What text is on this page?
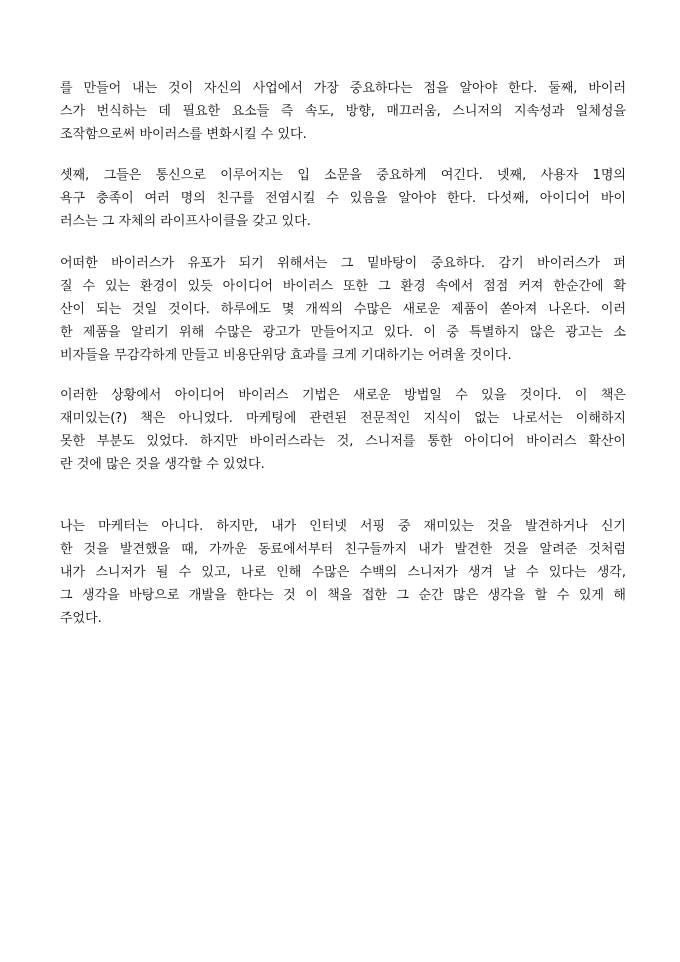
를 만들어 내는 것이 자신의 사업에서 가장 중요하다는 점을 알아야 한다. 둘째, 바이러
스가 번식하는 데 필요한 요소들 즉 속도, 방향, 매끄러움, 스니저의 지속성과 일체성을
조작함으로써 바이러스를 변화시킬 수 있다.
셋째, 그들은 통신으로 이루어지는 입 소문을 중요하게 여긴다. 넷째, 사용자 1명의
욕구 충족이 여러 명의 친구를 전염시킬 수 있음을 알아야 한다. 다섯째, 아이디어 바이
러스는 그 자체의 라이프사이클을 갖고 있다.
어떠한 바이러스가 유포가 되기 위해서는 그 밑바탕이 중요하다. 감기 바이러스가 퍼
질 수 있는 환경이 있듯 아이디어 바이러스 또한 그 환경 속에서 점점 커져 한순간에 확
산이 되는 것일 것이다. 하루에도 몇 개씩의 수많은 새로운 제품이 쏟아져 나온다. 이러
한 제품을 알리기 위해 수많은 광고가 만들어지고 있다. 이 중 특별하지 않은 광고는 소
비자들을 무감각하게 만들고 비용단위당 효과를 크게 기대하기는 어려울 것이다.
이러한 상황에서 아이디어 바이러스 기법은 새로운 방법일 수 있을 것이다. 이 책은
재미있는(?) 책은 아니었다. 마케팅에 관련된 전문적인 지식이 없는 나로서는 이해하지
못한 부분도 있었다. 하지만 바이러스라는 것, 스니저를 통한 아이디어 바이러스 확산이
란 것에 많은 것을 생각할 수 있었다.
나는 마케터는 아니다. 하지만, 내가 인터넷 서핑 중 재미있는 것을 발견하거나 신기
한 것을 발견했을 때, 가까운 동료에서부터 친구들까지 내가 발견한 것을 알려준 것처럼
내가 스니저가 될 수 있고, 나로 인해 수많은 수백의 스니저가 생겨 날 수 있다는 생각,
그 생각을 바탕으로 개발을 한다는 것 이 책을 접한 그 순간 많은 생각을 할 수 있게 해
주었다.
